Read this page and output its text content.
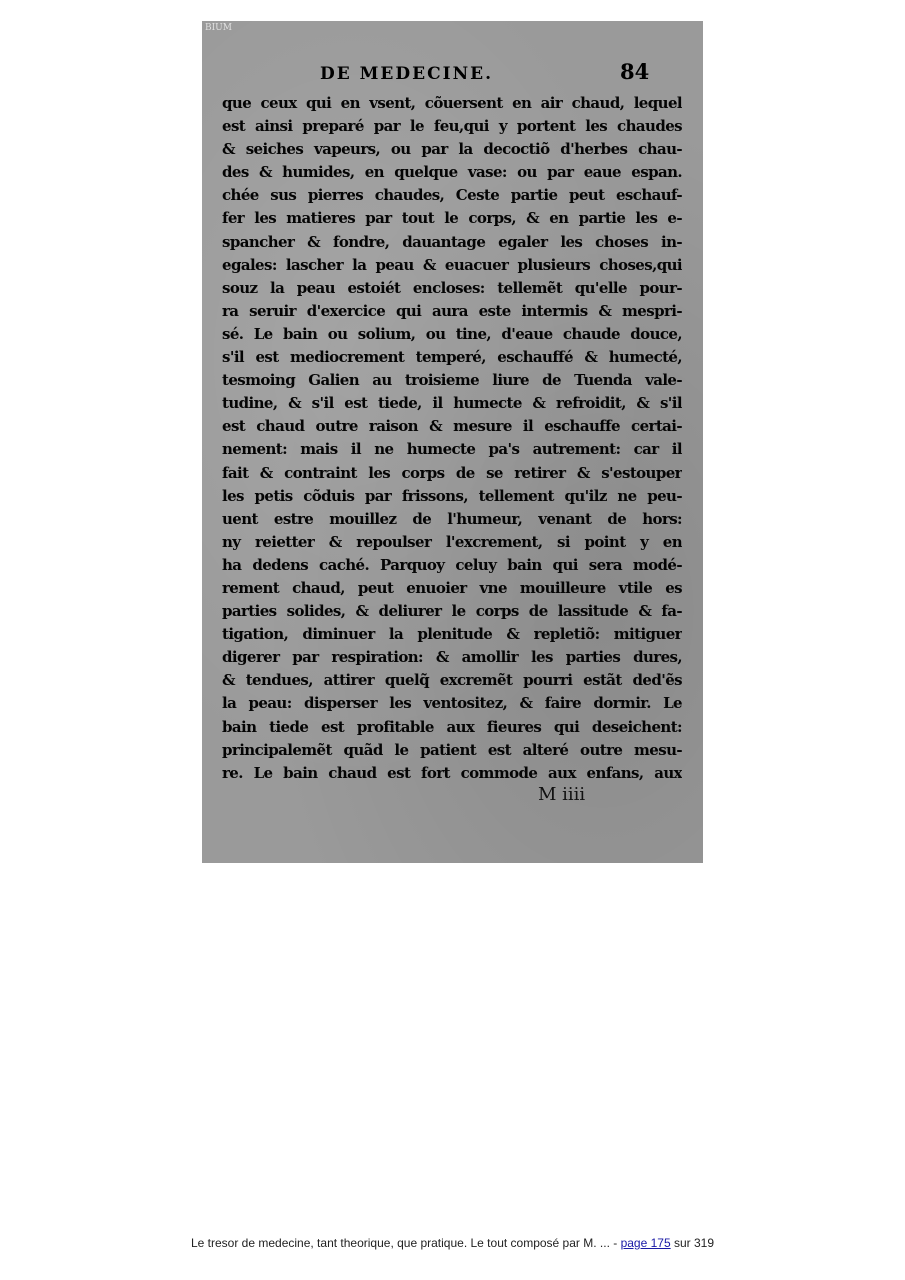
BIUM
DE MEDECINE.	84
que ceux qui en vsent, cõuersent en air chaud, lequel
est ainsi preparé par le feu,qui y portent les chaudes
& seiches vapeurs, ou par la decoctiõ d'herbes chau-
des & humides, en quelque vase: ou par eaue espan.
chée sus pierres chaudes, Ceste partie peut eschauf-
fer les matieres par tout le corps, & en partie les e-
spancher & fondre, dauantage egaler les choses in-
egales: lascher la peau & euacuer plusieurs choses,qui
souz la peau estoiét encloses: tellemẽt qu'elle pour-
ra seruir d'exercice qui aura este intermis & mespri-
sé. Le bain ou solium, ou tine, d'eaue chaude douce,
s'il est mediocrement temperé, eschauffé & humecté,
tesmoing Galien au troisieme liure de Tuenda vale-
tudine, & s'il est tiede, il humecte & refroidit, & s'il
est chaud outre raison & mesure il eschauffe certai-
nement: mais il ne humecte pa's autrement: car il
fait & contraint les corps de se retirer & s'estouper
les petis cõduis par frissons, tellement qu'ilz ne peu-
uent estre mouillez de l'humeur, venant de hors:
ny reietter & repoulser l'excrement, si point y en
ha dedens caché. Parquoy celuy bain qui sera modé-
rement chaud, peut enuoier vne mouilleure vtile es
parties solides, & deliurer le corps de lassitude & fa-
tigation, diminuer la plenitude & repletiõ: mitiguer
digerer par respiration: & amollir les parties dures,
& tendues, attirer quelq̃ excremẽt pourri estãt ded'ẽs
la peau: disperser les ventositez, & faire dormir. Le
bain tiede est profitable aux fieures qui deseichent:
principalemẽt quãd le patient est alteré outre mesu-
re. Le bain chaud est fort commode aux enfans, aux
M iiii
Le tresor de medecine, tant theorique, que pratique. Le tout composé par M. ... - page 175 sur 319
